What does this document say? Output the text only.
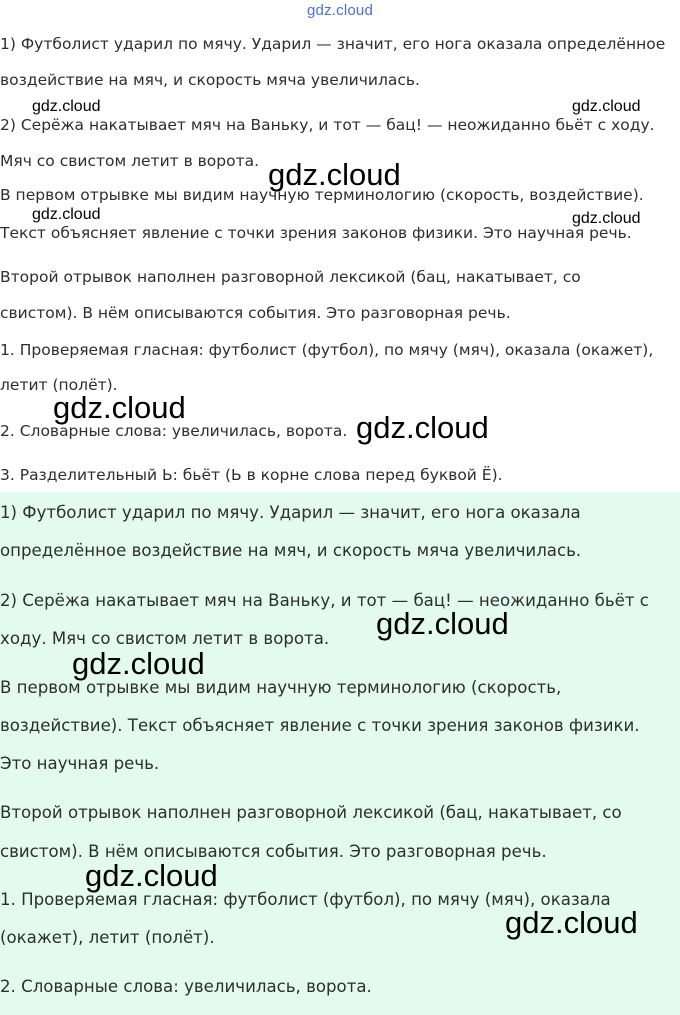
gdz.cloud
1) Футболист ударил по мячу. Ударил — значит, его нога оказала определённое
воздействие на мяч, и скорость мяча увеличилась.
2) Серёжа накатывает мяч на Ваньку, и тот — бац! — неожиданно бьёт с ходу.
Мяч со свистом летит в ворота.
В первом отрывке мы видим научную терминологию (скорость, воздействие).
Текст объясняет явление с точки зрения законов физики. Это научная речь.
Второй отрывок наполнен разговорной лексикой (бац, накатывает, со
свистом). В нём описываются события. Это разговорная речь.
1. Проверяемая гласная: футболист (футбол), по мячу (мяч), оказала (окажет),
летит (полёт).
2. Словарные слова: увеличилась, ворота.
3. Разделительный Ь: бьёт (Ь в корне слова перед буквой Ё).
1) Футболист ударил по мячу. Ударил — значит, его нога оказала
определённое воздействие на мяч, и скорость мяча увеличилась.
2) Серёжа накатывает мяч на Ваньку, и тот — бац! — неожиданно бьёт с
ходу. Мяч со свистом летит в ворота.
В первом отрывке мы видим научную терминологию (скорость,
воздействие). Текст объясняет явление с точки зрения законов физики.
Это научная речь.
Второй отрывок наполнен разговорной лексикой (бац, накатывает, со
свистом). В нём описываются события. Это разговорная речь.
1. Проверяемая гласная: футболист (футбол), по мячу (мяч), оказала
(окажет), летит (полёт).
2. Словарные слова: увеличилась, ворота.
gdz.cloud	gdz.cloud
gdz.cloud
gdz.cloud	gdz.cloud
gdz.cloud
gdz.cloud
gdz.cloud
gdz.cloud
gdz.cloud
gdz.cloud
